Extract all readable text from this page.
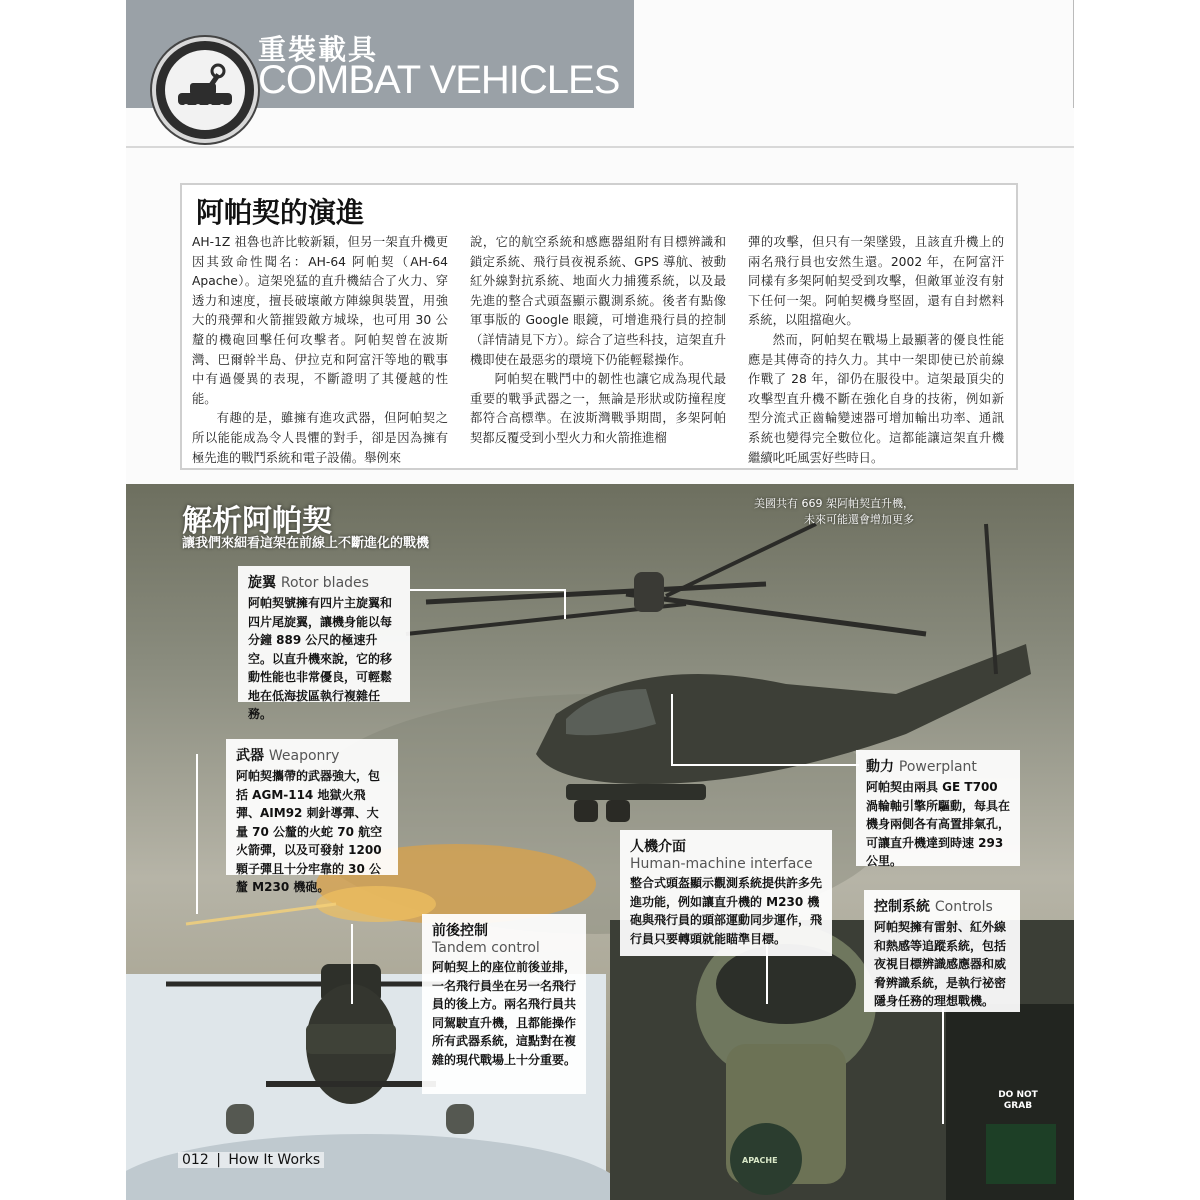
重裝載具
COMBAT VEHICLES
阿帕契的演進

AH-1Z 祖魯也許比較新穎，但另一架直升機更因其致命性聞名：AH-64 阿帕契（AH-64 Apache）。這架兇猛的直升機結合了火力、穿透力和速度，擅長破壞敵方陣線與裝置，用強大的飛彈和火箭摧毀敵方城垛，也可用 30 公釐的機砲回擊任何攻擊者。阿帕契曾在波斯灣、巴爾幹半島、伊拉克和阿富汗等地的戰事中有過優異的表現，不斷證明了其優越的性能。

有趣的是，雖擁有進攻武器，但阿帕契之所以能能成為令人畏懼的對手，卻是因為擁有極先進的戰鬥系統和電子設備。舉例來

說，它的航空系統和感應器組附有目標辨識和鎖定系統、飛行員夜視系統、GPS 導航、被動紅外線對抗系統、地面火力捕獲系統，以及最先進的整合式頭盔顯示觀測系統。後者有點像軍事版的 Google 眼鏡，可增進飛行員的控制（詳情請見下方）。綜合了這些科技，這架直升機即使在最惡劣的環境下仍能輕鬆操作。

阿帕契在戰鬥中的韌性也讓它成為現代最重要的戰爭武器之一，無論是形狀或防撞程度都符合高標準。在波斯灣戰爭期間，多架阿帕契都反覆受到小型火力和火箭推進榴

彈的攻擊，但只有一架墜毀，且該直升機上的兩名飛行員也安然生還。2002 年，在阿富汗同樣有多架阿帕契受到攻擊，但敵軍並沒有射下任何一架。阿帕契機身堅固，還有自封燃料系統，以阻擋砲火。

然而，阿帕契在戰場上最顯著的優良性能應是其傳奇的持久力。其中一架即使已於前線作戰了 28 年，卻仍在服役中。這架最頂尖的攻擊型直升機不斷在強化自身的技術，例如新型分流式正齒輪變速器可增加輸出功率、通訊系統也變得完全數位化。這都能讓這架直升機繼續叱吒風雲好些時日。

解析阿帕契
讓我們來細看這架在前線上不斷進化的戰機
美國共有 669 架阿帕契直升機，
未來可能還會增加更多
旋翼 Rotor blades
阿帕契號擁有四片主旋翼和四片尾旋翼，讓機身能以每分鐘 889 公尺的極速升空。以直升機來說，它的移動性能也非常優良，可輕鬆地在低海拔區執行複雜任務。
武器 Weaponry
阿帕契攜帶的武器強大，包括 AGM-114 地獄火飛彈、AIM92 刺針導彈、大量 70 公釐的火蛇 70 航空火箭彈，以及可發射 1200 顆子彈且十分牢靠的 30 公釐 M230 機砲。
動力 Powerplant
阿帕契由兩具 GE T700 渦輪軸引擎所驅動，每具在機身兩側各有高置排氣孔，可讓直升機達到時速 293 公里。
人機介面
Human-machine interface
整合式頭盔顯示觀測系統提供許多先進功能，例如讓直升機的 M230 機砲與飛行員的頭部運動同步運作，飛行員只要轉頭就能瞄準目標。
前後控制
Tandem control
阿帕契上的座位前後並排，一名飛行員坐在另一名飛行員的後上方。兩名飛行員共同駕駛直升機，且都能操作所有武器系統，這點對在複雜的現代戰場上十分重要。
控制系統 Controls
阿帕契擁有雷射、紅外線和熱感等追蹤系統，包括夜視目標辨識感應器和威脅辨識系統，是執行祕密隱身任務的理想戰機。
DO NOT
GRAB
APACHE
012 | How It Works
